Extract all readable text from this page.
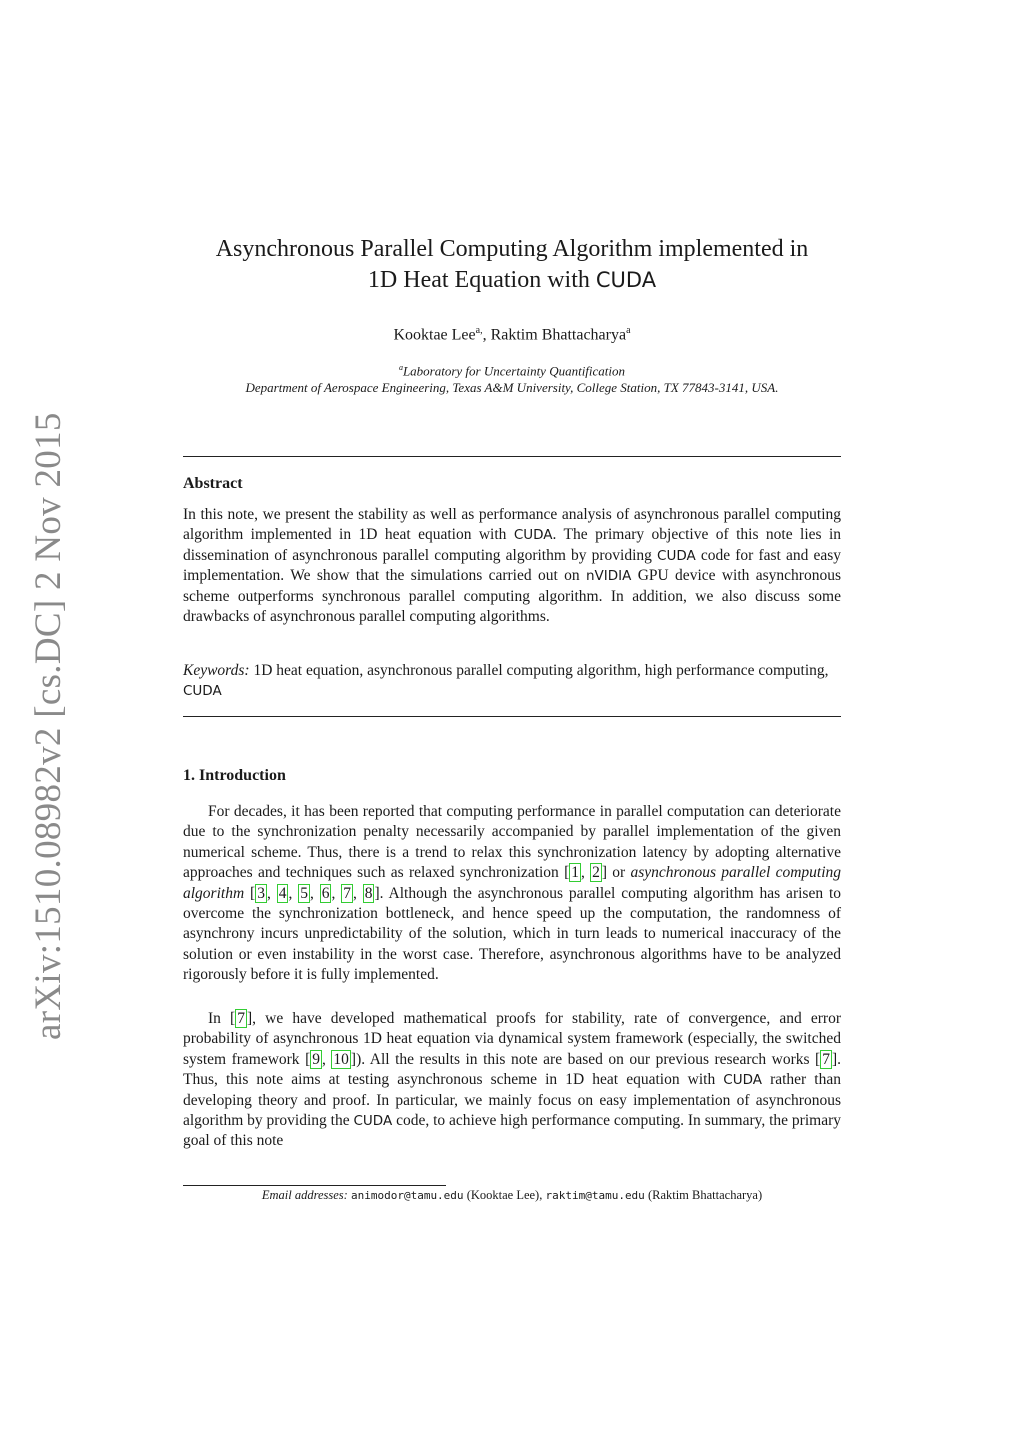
arXiv:1510.08982v2 [cs.DC] 2 Nov 2015
Asynchronous Parallel Computing Algorithm implemented in
1D Heat Equation with CUDA
Kooktae Lee$^{a,}$, Raktim Bhattacharya$^a$
$^a$Laboratory for Uncertainty Quantification
Department of Aerospace Engineering, Texas A&M University, College Station, TX 77843-3141, USA.
Abstract
In this note, we present the stability as well as performance analysis of asynchronous parallel computing algorithm implemented in 1D heat equation with CUDA. The primary objective of this note lies in dissemination of asynchronous parallel computing algorithm by providing CUDA code for fast and easy implementation. We show that the simulations carried out on nVIDIA GPU device with asynchronous scheme outperforms synchronous parallel computing algorithm. In addition, we also discuss some drawbacks of asynchronous parallel computing algorithms.
Keywords: 1D heat equation, asynchronous parallel computing algorithm, high performance computing, CUDA
1. Introduction
For decades, it has been reported that computing performance in parallel computation can deteriorate due to the synchronization penalty necessarily accompanied by parallel implementation of the given numerical scheme. Thus, there is a trend to relax this synchronization latency by adopting alternative approaches and techniques such as relaxed synchronization [ 1 , 2 ] or asynchronous parallel computing algorithm [ 3 , 4 , 5 , 6 , 7 , 8 ]. Although the asynchronous parallel computing algorithm has arisen to overcome the synchronization bottleneck, and hence speed up the computation, the randomness of asynchrony incurs unpredictability of the solution, which in turn leads to numerical inaccuracy of the solution or even instability in the worst case. Therefore, asynchronous algorithms have to be analyzed rigorously before it is fully implemented.
In [ 7 ], we have developed mathematical proofs for stability, rate of convergence, and error probability of asynchronous 1D heat equation via dynamical system framework (especially, the switched system framework [ 9 , 10 ]). All the results in this note are based on our previous research works [ 7 ]. Thus, this note aims at testing asynchronous scheme in 1D heat equation with CUDA rather than developing theory and proof. In particular, we mainly focus on easy implementation of asynchronous algorithm by providing the CUDA code, to achieve high performance computing. In summary, the primary goal of this note
Email addresses: animodor@tamu.edu (Kooktae Lee), raktim@tamu.edu (Raktim Bhattacharya)
